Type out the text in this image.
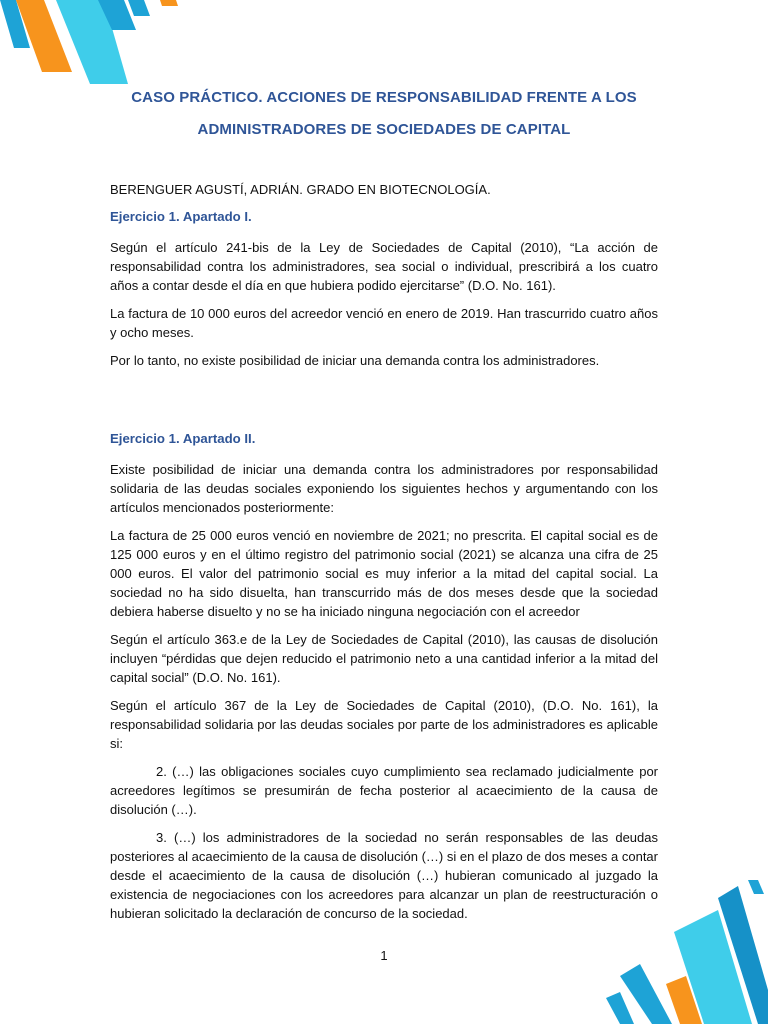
CASO PRÁCTICO. ACCIONES DE RESPONSABILIDAD FRENTE A LOS
ADMINISTRADORES DE SOCIEDADES DE CAPITAL

BERENGUER AGUSTÍ, ADRIÁN. GRADO EN BIOTECNOLOGÍA.

Ejercicio 1. Apartado I.

Según el artículo 241-bis de la Ley de Sociedades de Capital (2010), “La acción de responsabilidad contra los administradores, sea social o individual, prescribirá a los cuatro años a contar desde el día en que hubiera podido ejercitarse” (D.O. No. 161).

La factura de 10 000 euros del acreedor venció en enero de 2019. Han trascurrido cuatro años y ocho meses.

Por lo tanto, no existe posibilidad de iniciar una demanda contra los administradores.

Ejercicio 1. Apartado II.

Existe posibilidad de iniciar una demanda contra los administradores por responsabilidad solidaria de las deudas sociales exponiendo los siguientes hechos y argumentando con los artículos mencionados posteriormente:

La factura de 25 000 euros venció en noviembre de 2021; no prescrita. El capital social es de 125 000 euros y en el último registro del patrimonio social (2021) se alcanza una cifra de 25 000 euros. El valor del patrimonio social es muy inferior a la mitad del capital social. La sociedad no ha sido disuelta, han transcurrido más de dos meses desde que la sociedad debiera haberse disuelto y no se ha iniciado ninguna negociación con el acreedor

Según el artículo 363.e de la Ley de Sociedades de Capital (2010), las causas de disolución incluyen “pérdidas que dejen reducido el patrimonio neto a una cantidad inferior a la mitad del capital social” (D.O. No. 161).

Según el artículo 367 de la Ley de Sociedades de Capital (2010), (D.O. No. 161), la responsabilidad solidaria por las deudas sociales por parte de los administradores es aplicable si:

2. (…) las obligaciones sociales cuyo cumplimiento sea reclamado judicialmente por acreedores legítimos se presumirán de fecha posterior al acaecimiento de la causa de disolución (…).

3. (…) los administradores de la sociedad no serán responsables de las deudas posteriores al acaecimiento de la causa de disolución (…) si en el plazo de dos meses a contar desde el acaecimiento de la causa de disolución (…) hubieran comunicado al juzgado la existencia de negociaciones con los acreedores para alcanzar un plan de reestructuración o hubieran solicitado la declaración de concurso de la sociedad.

1
